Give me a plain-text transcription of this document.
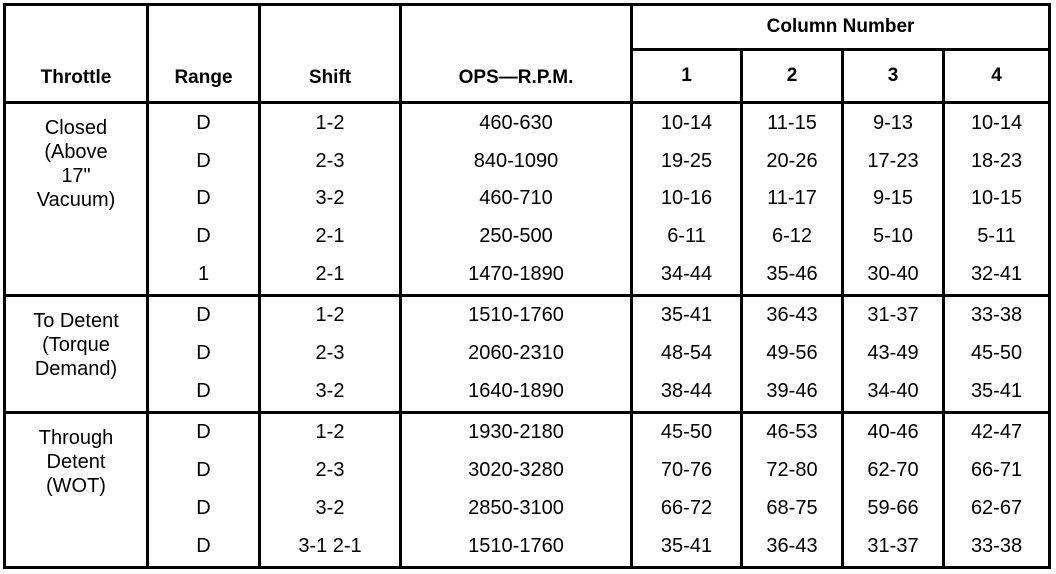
Throttle	Range	Shift	OPS—R.P.M.	Column Number			
				1	2	3	4

Closed
(Above
17"
Vacuum)	D	1-2	460-630	10-14	11-15	9-13	10-14
	D	2-3	840-1090	19-25	20-26	17-23	18-23
	D	3-2	460-710	10-16	11-17	9-15	10-15
	D	2-1	250-500	6-11	6-12	5-10	5-11
	1	2-1	1470-1890	34-44	35-46	30-40	32-41

To Detent
(Torque
Demand)	D	1-2	1510-1760	35-41	36-43	31-37	33-38
	D	2-3	2060-2310	48-54	49-56	43-49	45-50
	D	3-2	1640-1890	38-44	39-46	34-40	35-41

Through
Detent
(WOT)	D	1-2	1930-2180	45-50	46-53	40-46	42-47
	D	2-3	3020-3280	70-76	72-80	62-70	66-71
	D	3-2	2850-3100	66-72	68-75	59-66	62-67
	D	3-1 2-1	1510-1760	35-41	36-43	31-37	33-38
